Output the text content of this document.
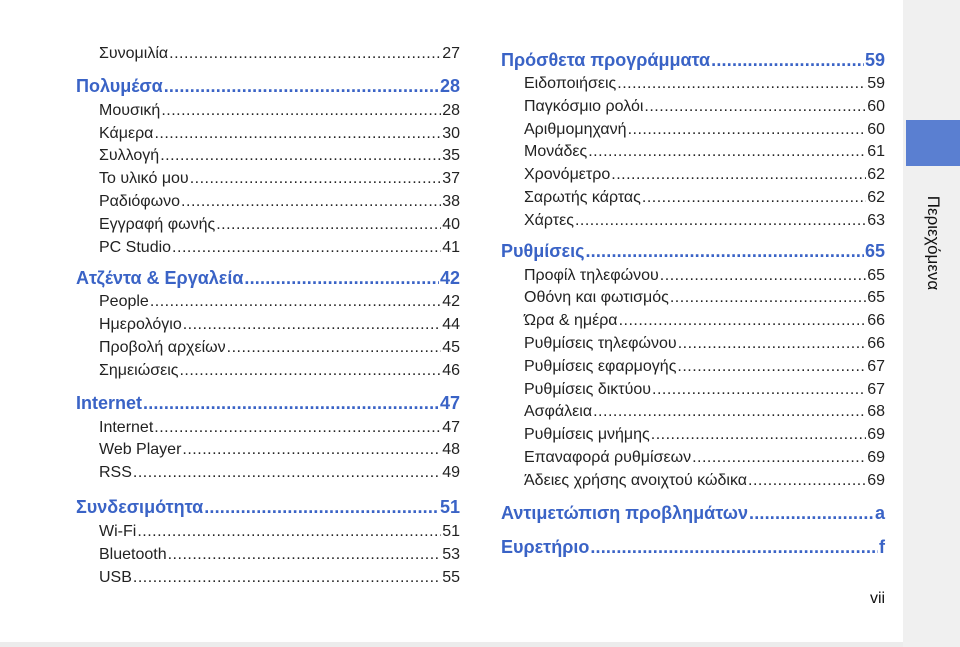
Περιεχόμενα
Συνομιλία .....	27
Πολυμέσα .....	28
Μουσική .....	28
Κάμερα .....	30
Συλλογή .....	35
Το υλικό μου .....	37
Ραδιόφωνο .....	38
Εγγραφή φωνής .....	40
PC Studio .....	41
Ατζέντα & Εργαλεία .....	42
People .....	42
Ημερολόγιο .....	44
Προβολή αρχείων .....	45
Σημειώσεις .....	46
Internet .....	47
Internet .....	47
Web Player .....	48
RSS .....	49
Συνδεσιμότητα .....	51
Wi-Fi .....	51
Bluetooth .....	53
USB .....	55
Πρόσθετα προγράμματα .....	59
Ειδοποιήσεις .....	59
Παγκόσμιο ρολόι .....	60
Αριθμομηχανή .....	60
Μονάδες .....	61
Χρονόμετρο .....	62
Σαρωτής κάρτας .....	62
Χάρτες .....	63
Ρυθμίσεις .....	65
Προφίλ τηλεφώνου .....	65
Οθόνη και φωτισμός .....	65
Ώρα & ημέρα .....	66
Ρυθμίσεις τηλεφώνου .....	66
Ρυθμίσεις εφαρμογής .....	67
Ρυθμίσεις δικτύου .....	67
Ασφάλεια .....	68
Ρυθμίσεις μνήμης .....	69
Επαναφορά ρυθμίσεων .....	69
Άδειες χρήσης ανοιχτού κώδικα .....	69
Αντιμετώπιση προβλημάτων .....	a
Ευρετήριο .....	f
vii
